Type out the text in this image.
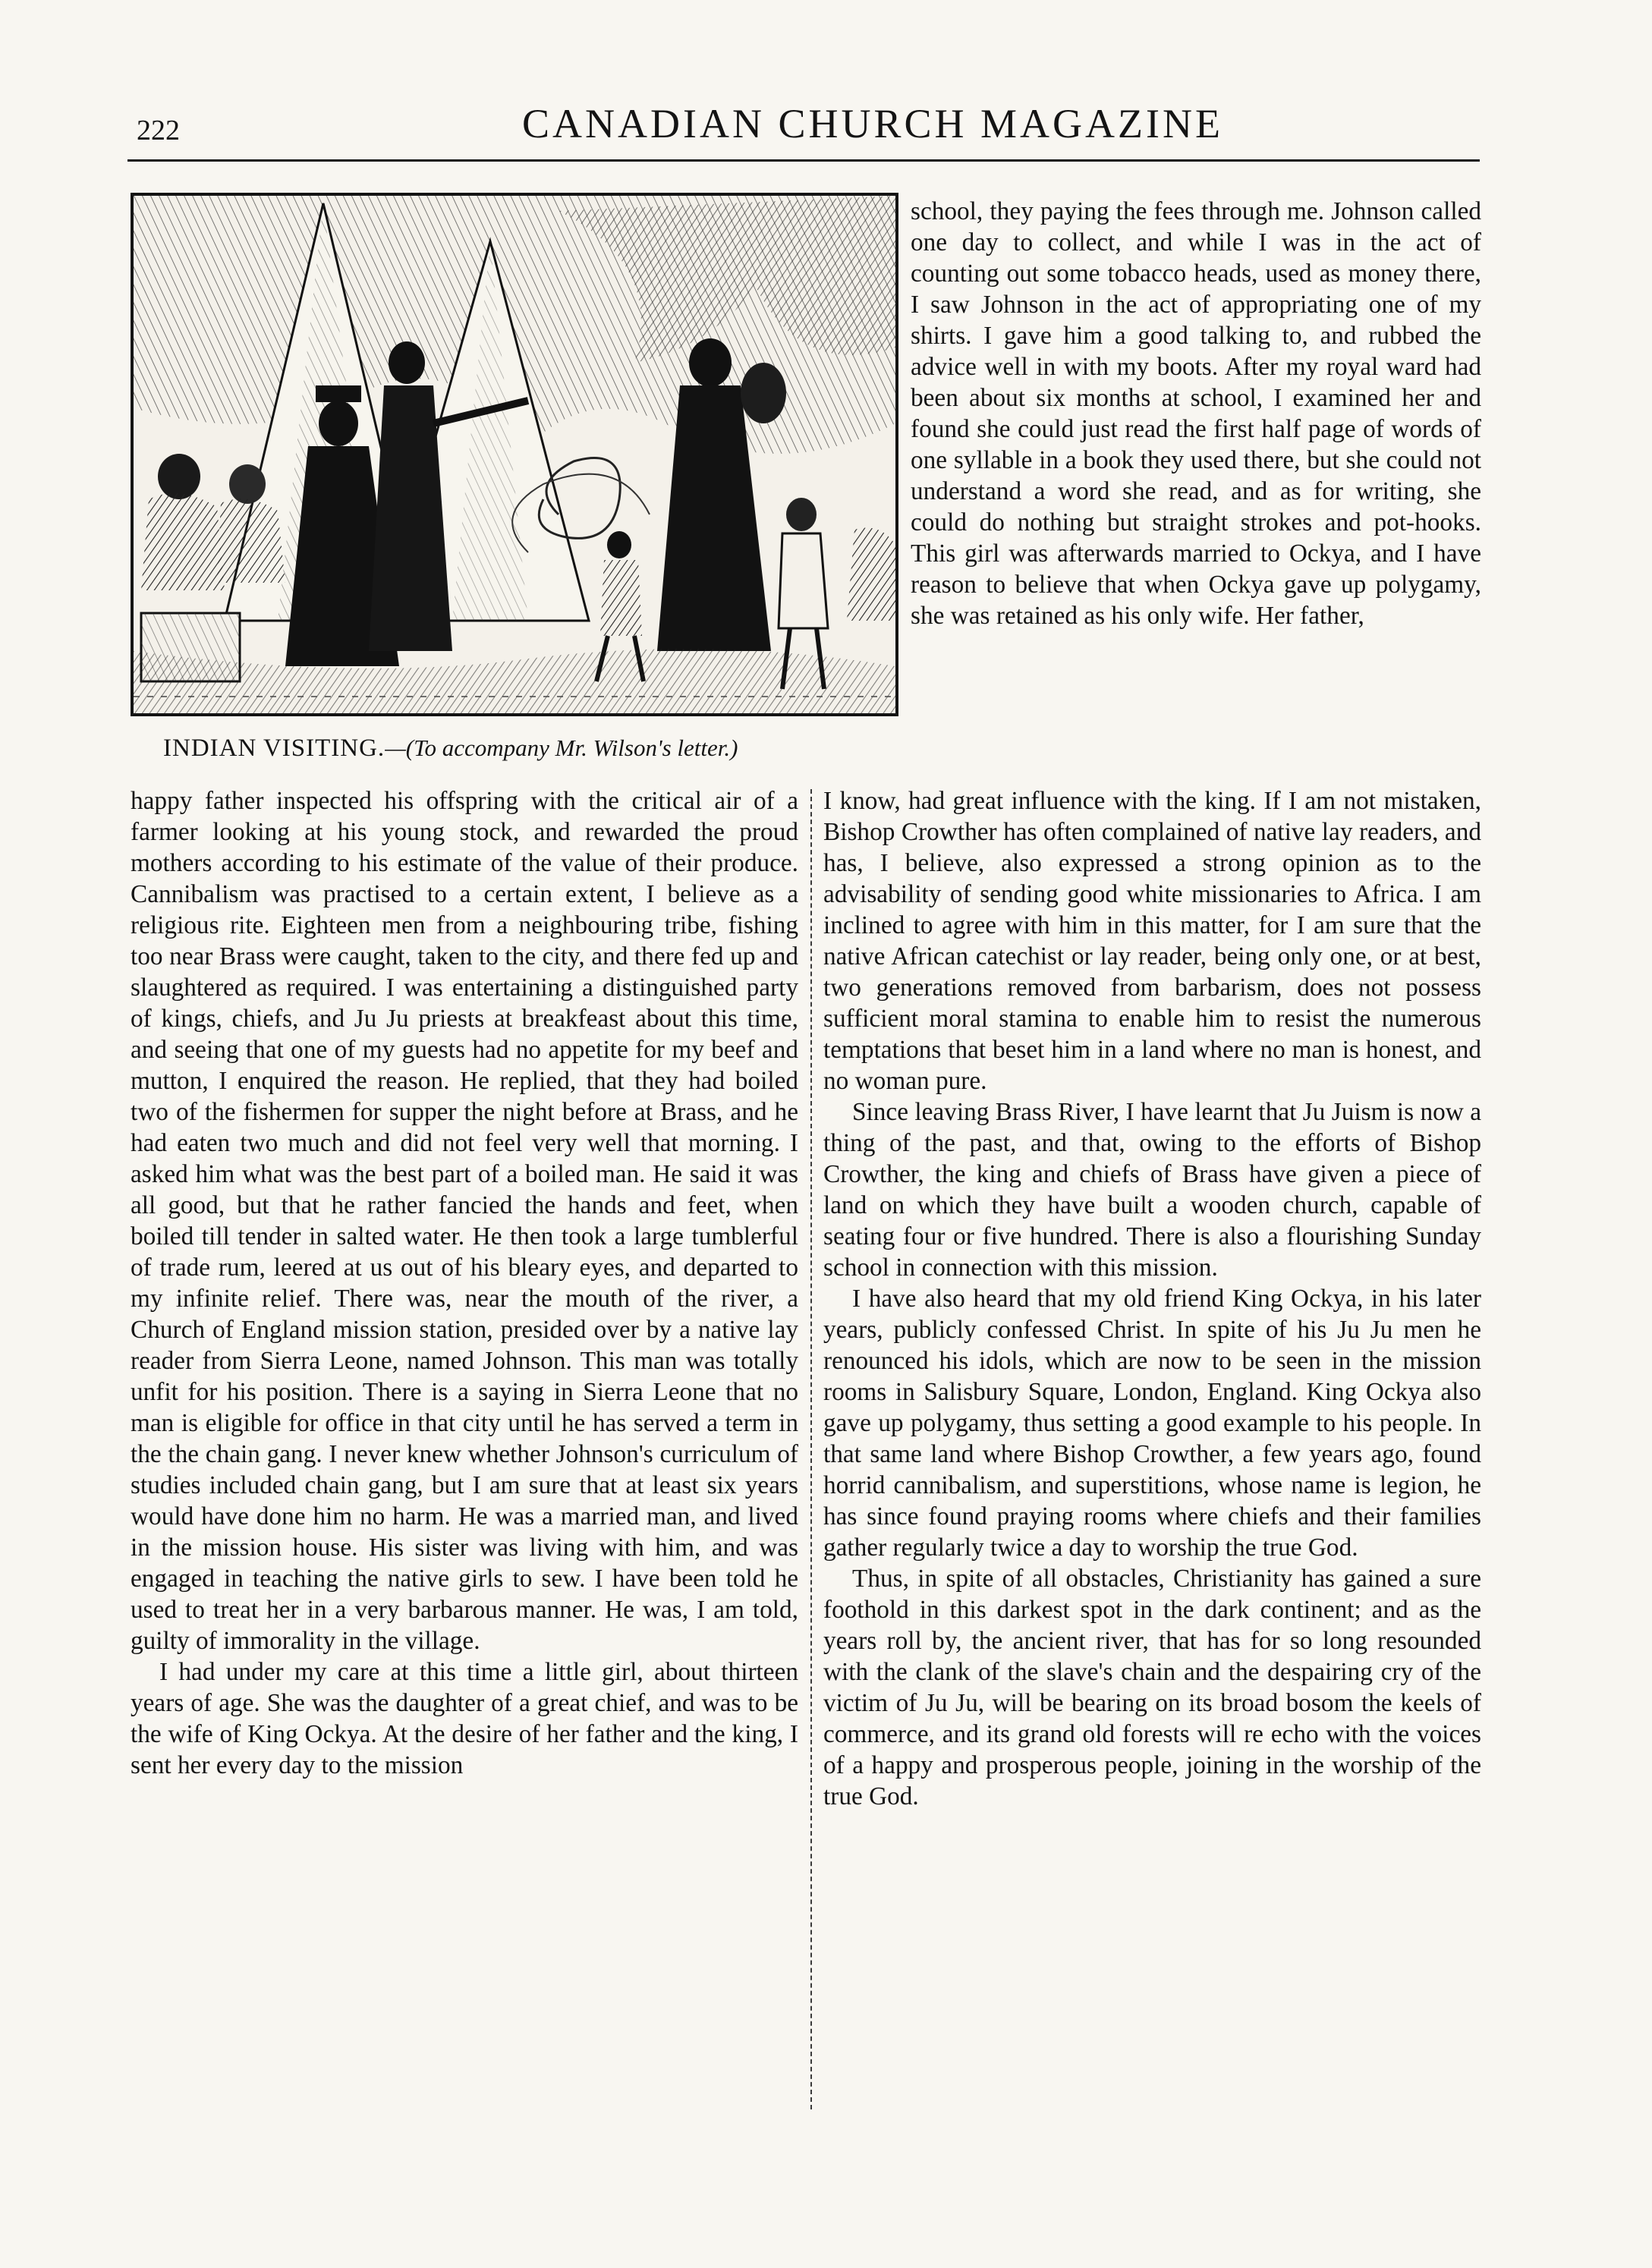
222	CANADIAN CHURCH MAGAZINE
INDIAN VISITING.—(To accompany Mr. Wilson's letter.)

school, they paying the fees through me. Johnson called one day to collect, and while I was in the act of counting out some tobacco heads, used as money there, I saw Johnson in the act of appropriating one of my shirts. I gave him a good talking to, and rubbed the advice well in with my boots. After my royal ward had been about six months at school, I examined her and found she could just read the first half page of words of one syllable in a book they used there, but she could not understand a word she read, and as for writing, she could do nothing but straight strokes and pot-hooks. This girl was afterwards married to Ockya, and I have reason to believe that when Ockya gave up polygamy, she was retained as his only wife. Her father,

happy father inspected his offspring with the critical air of a farmer looking at his young stock, and rewarded the proud mothers according to his estimate of the value of their produce. Cannibalism was practised to a certain extent, I believe as a religious rite. Eighteen men from a neighbouring tribe, fishing too near Brass were caught, taken to the city, and there fed up and slaughtered as required. I was entertaining a distinguished party of kings, chiefs, and Ju Ju priests at breakfeast about this time, and seeing that one of my guests had no appetite for my beef and mutton, I enquired the reason. He replied, that they had boiled two of the fishermen for supper the night before at Brass, and he had eaten two much and did not feel very well that morning. I asked him what was the best part of a boiled man. He said it was all good, but that he rather fancied the hands and feet, when boiled till tender in salted water. He then took a large tumblerful of trade rum, leered at us out of his bleary eyes, and departed to my infinite relief. There was, near the mouth of the river, a Church of England mission station, presided over by a native lay reader from Sierra Leone, named Johnson. This man was totally unfit for his position. There is a saying in Sierra Leone that no man is eligible for office in that city until he has served a term in the the chain gang. I never knew whether Johnson's curriculum of studies included chain gang, but I am sure that at least six years would have done him no harm. He was a married man, and lived in the mission house. His sister was living with him, and was engaged in teaching the native girls to sew. I have been told he used to treat her in a very barbarous manner. He was, I am told, guilty of immorality in the village.

I had under my care at this time a little girl, about thirteen years of age. She was the daughter of a great chief, and was to be the wife of King Ockya. At the desire of her father and the king, I sent her every day to the mission

I know, had great influence with the king. If I am not mistaken, Bishop Crowther has often complained of native lay readers, and has, I believe, also expressed a strong opinion as to the advisability of sending good white missionaries to Africa. I am inclined to agree with him in this matter, for I am sure that the native African catechist or lay reader, being only one, or at best, two generations removed from barbarism, does not possess sufficient moral stamina to enable him to resist the numerous temptations that beset him in a land where no man is honest, and no woman pure.

Since leaving Brass River, I have learnt that Ju Juism is now a thing of the past, and that, owing to the efforts of Bishop Crowther, the king and chiefs of Brass have given a piece of land on which they have built a wooden church, capable of seating four or five hundred. There is also a flourishing Sunday school in connection with this mission.

I have also heard that my old friend King Ockya, in his later years, publicly confessed Christ. In spite of his Ju Ju men he renounced his idols, which are now to be seen in the mission rooms in Salisbury Square, London, England. King Ockya also gave up polygamy, thus setting a good example to his people. In that same land where Bishop Crowther, a few years ago, found horrid cannibalism, and superstitions, whose name is legion, he has since found praying rooms where chiefs and their families gather regularly twice a day to worship the true God.

Thus, in spite of all obstacles, Christianity has gained a sure foothold in this darkest spot in the dark continent; and as the years roll by, the ancient river, that has for so long resounded with the clank of the slave's chain and the despairing cry of the victim of Ju Ju, will be bearing on its broad bosom the keels of commerce, and its grand old forests will re echo with the voices of a happy and prosperous people, joining in the worship of the true God.
